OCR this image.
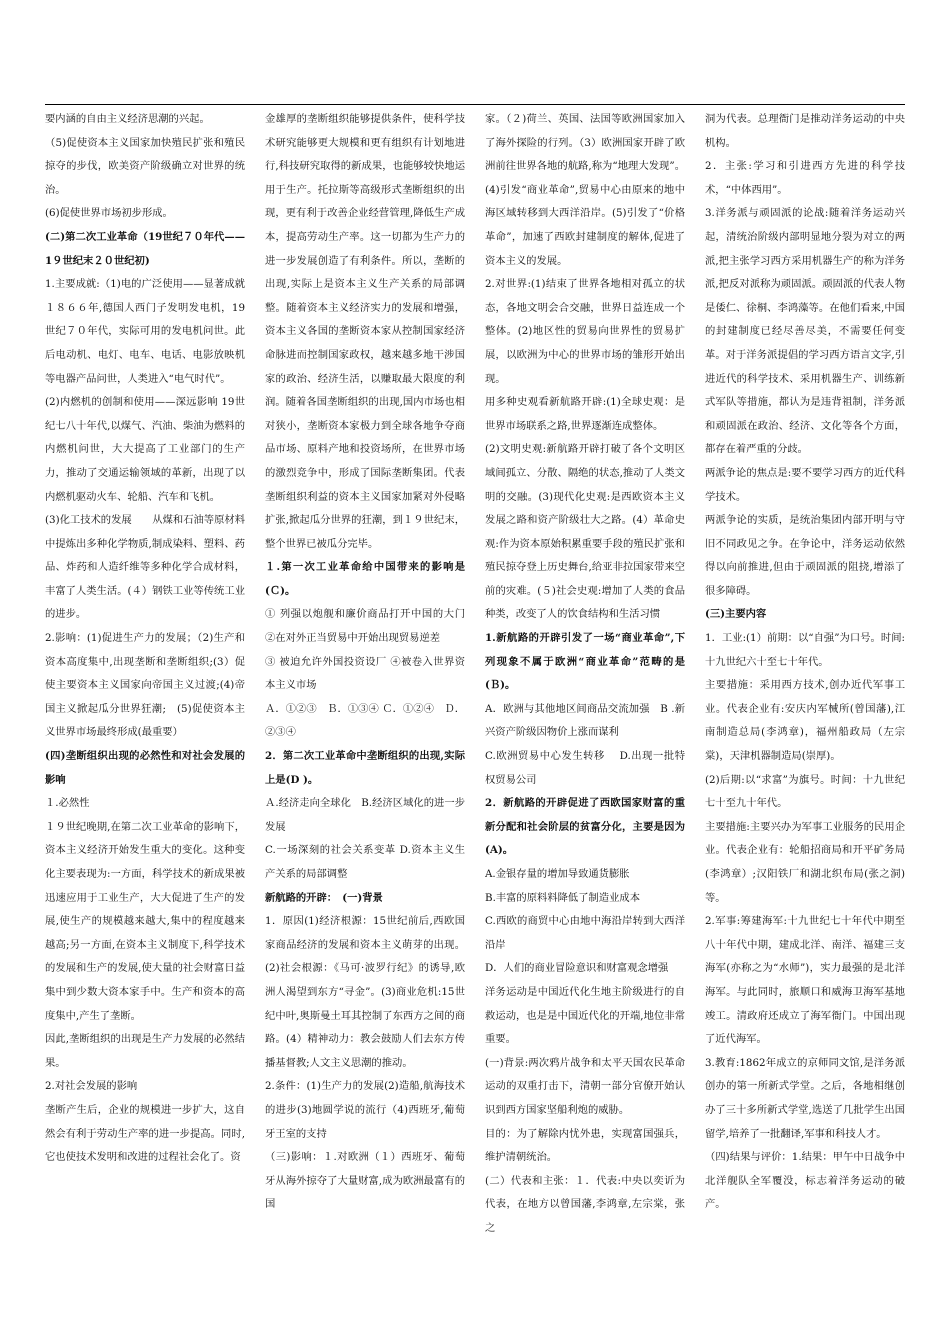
要内涵的自由主义经济思潮的兴起。

（5)促使资本主义国家加快殖民扩张和殖民掠夺的步伐，欧美资产阶级确立对世界的统治。

(6)促使世界市场初步形成。

(二)第二次工业革命（19世纪７０年代——1９世纪末２０世纪初)

1.主要成就:（1)电的广泛使用——显著成就１８６６年,德国人西门子发明发电机，19世纪７０年代，实际可用的发电机问世。此后电动机、电灯、电车、电话、电影放映机等电器产品问世，人类进入“电气时代”。

(2)内燃机的创制和使用——深远影响 19世纪七八十年代,以煤气、汽油、柴油为燃料的内燃机问世，大大提高了工业部门的生产力，推动了交通运输领域的革新，出现了以内燃机驱动火车、轮船、汽车和飞机。

(3)化工技术的发展　　从煤和石油等原材料中提炼出多种化学物质,制成染料、塑料、药品、炸药和人造纤维等多种化学合成材料，丰富了人类生活。(４）钢铁工业等传统工业的进步。

2.影响：(1)促进生产力的发展；（2)生产和资本高度集中,出现垄断和垄断组织;(3）促使主要资本主义国家向帝国主义过渡;(4)帝国主义掀起瓜分世界狂潮;　(5)促使资本主义世界市场最终形成(最重要）

(四)垄断组织出现的必然性和对社会发展的影响

１.必然性

１９世纪晚期,在第二次工业革命的影响下，资本主义经济开始发生重大的变化。这种变化主要表现为:一方面，科学技术的新成果被迅速应用于工业生产，大大促进了生产的发展,使生产的规模越来越大,集中的程度越来越高;另一方面,在资本主义制度下,科学技术的发展和生产的发展,使大量的社会财富日益集中到少数大资本家手中。生产和资本的高度集中,产生了垄断。

因此,垄断组织的出现是生产力发展的必然结果。

2.对社会发展的影响

垄断产生后，企业的规模进一步扩大，这自然会有利于劳动生产率的进一步提高。同时,它也使技术发明和改进的过程社会化了。资

金雄厚的垄断组织能够提供条件，使科学技术研究能够更大规模和更有组织有计划地进行,科技研究取得的新成果，也能够较快地运用于生产。托拉斯等高级形式垄断组织的出现，更有利于改善企业经营管理,降低生产成本，提高劳动生产率。这一切都为生产力的进一步发展创造了有利条件。所以，垄断的出现,实际上是资本主义生产关系的局部调整。随着资本主义经济实力的发展和增强，资本主义各国的垄断资本家从控制国家经济命脉进而控制国家政权，越来越多地干涉国家的政治、经济生活，以赚取最大限度的利润。随着各国垄断组织的出现,国内市场也相对狭小，垄断资本家极力到全球各地争夺商品市场、原料产地和投资场所，在世界市场的激烈竞争中，形成了国际垄断集团。代表垄断组织利益的资本主义国家加紧对外侵略扩张,掀起瓜分世界的狂潮，到１９世纪末，整个世界已被瓜分完毕。

１.第一次工业革命给中国带来的影响是(Ｃ)。

① 列强以炮舰和廉价商品打开中国的大门 ②在对外正当贸易中开始出现贸易逆差

③ 被迫允许外国投资设厂 ④被卷入世界资本主义市场

Ａ．①②③　Ｂ．①③④ Ｃ．①②④　Ｄ．②③④

2．第二次工业革命中垄断组织的出现,实际上是(D )。

Ａ.经济走向全球化　B.经济区域化的进一步发展

C.一场深刻的社会关系变革 D.资本主义生产关系的局部调整

新航路的开辟：　(一)背景

1．原因(1)经济根源：15世纪前后,西欧国家商品经济的发展和资本主义萌芽的出现。(2)社会根源：《马可·波罗行纪》的诱导,欧洲人渴望到东方“寻金”。(3)商业危机:15世纪中叶,奥斯曼土耳其控制了东西方之间的商路。(4）精神动力：教会鼓励人们去东方传播基督教;人文主义思潮的推动。

2.条件：(1)生产力的发展(2)造船,航海技术的进步(3)地圆学说的流行（4)西班牙,葡萄牙王室的支持

（三)影响：１.对欧洲（１）西班牙、葡萄牙从海外掠夺了大量财富,成为欧洲最富有的国

家。（２)荷兰、英国、法国等欧洲国家加入了海外探险的行列。（3）欧洲国家开辟了欧洲前往世界各地的航路,称为“地理大发现”。(4)引发“商业革命”,贸易中心由原来的地中海区域转移到大西洋沿岸。(5)引发了“价格革命”，加速了西欧封建制度的解体,促进了资本主义的发展。

2.对世界:(1)结束了世界各地相对孤立的状态，各地文明会合交融，世界日益连成一个整体。(2)地区性的贸易向世界性的贸易扩展，以欧洲为中心的世界市场的雏形开始出现。

用多种史观看新航路开辟:(1)全球史观：是世界市场联系之路,世界逐渐连成整体。

(2)文明史观:新航路开辟打破了各个文明区域间孤立、分散、隔绝的状态,推动了人类文明的交融。(3)现代化史观:是西欧资本主义发展之路和资产阶级壮大之路。(4）革命史观:作为资本原始积累重要手段的殖民扩张和殖民掠夺登上历史舞台,给亚非拉国家带来空前的灾难。(５)社会史观:增加了人类的食品种类，改变了人的饮食结构和生活习惯

1.新航路的开辟引发了一场“商业革命”,下列现象不属于欧洲“商业革命”范畴的是(Ｂ)。

A．欧洲与其他地区间商品交流加强　B .新兴资产阶级因物价上涨而谋利

C.欧洲贸易中心发生转移　 D.出现一批特权贸易公司

2．新航路的开辟促进了西欧国家财富的重新分配和社会阶层的贫富分化，主要是因为(A)。

A.金银存量的增加导致通货膨胀

B.丰富的原料料降低了制造业成本

C.西欧的商贸中心由地中海沿岸转到大西洋沿岸

D．人们的商业冒险意识和财富观念增强

洋务运动是中国近代化生地主阶级进行的自救运动，也是是中国近代化的开端,地位非常重要。

(一)背景:两次鸦片战争和太平天国农民革命运动的双重打击下，清朝一部分官僚开始认识到西方国家坚船利炮的威胁。

目的：为了解除内忧外患，实现富国强兵，维护清朝统治。

(二）代表和主张：１．代表:中央以奕䜣为代表，在地方以曾国藩,李鸿章,左宗棠，张之

洞为代表。总理衙门是推动洋务运动的中央机构。

2．主张:学习和引进西方先进的科学技术，“中体西用”。

3.洋务派与顽固派的论战:随着洋务运动兴起，清统治阶级内部明显地分裂为对立的两派,把主张学习西方采用机器生产的称为洋务派,把反对派称为顽固派。顽固派的代表人物是倭仁、徐桐、李鸿藻等。在他们看来,中国的封建制度已经尽善尽美，不需要任何变革。对于洋务派提倡的学习西方语言文字,引进近代的科学技术、采用机器生产、训练新式军队等措施，都认为是违背祖制，洋务派和顽固派在政治、经济、文化等各个方面，都存在着严重的分歧。

两派争论的焦点是:要不要学习西方的近代科学技术。

两派争论的实质，是统治集团内部开明与守旧不同政见之争。在争论中，洋务运动依然得以向前推进,但由于顽固派的阻挠,增添了很多障碍。

(三)主要内容

1．工业:(1）前期：以“自强”为口号。时间:十九世纪六十至七十年代。

主要措施：采用西方技术,创办近代军事工业。代表企业有:安庆内军械所(曾国藩),江南制造总局(李鸿章)，福州船政局（左宗棠)，天津机器制造局(崇厚)。

(2)后期:以“求富”为旗号。时间：十九世纪七十至九十年代。

主要措施:主要兴办为军事工业服务的民用企业。代表企业有：轮船招商局和开平矿务局(李鸿章）;汉阳铁厂和湖北织布局(张之洞)等。

2.军事:筹建海军:十九世纪七十年代中期至八十年代中期，建成北洋、南洋、福建三支海军(亦称之为“水师”)，实力最强的是北洋海军。与此同时，旅顺口和威海卫海军基地竣工。清政府还成立了海军衙门。中国出现了近代海军。

3.教育:1862年成立的京师同文馆,是洋务派创办的第一所新式学堂。之后，各地相继创办了三十多所新式学堂,选送了几批学生出国留学,培养了一批翻译,军事和科技人才。

（四)结果与评价：1.结果：甲午中日战争中北洋舰队全军覆没，标志着洋务运动的破产。
